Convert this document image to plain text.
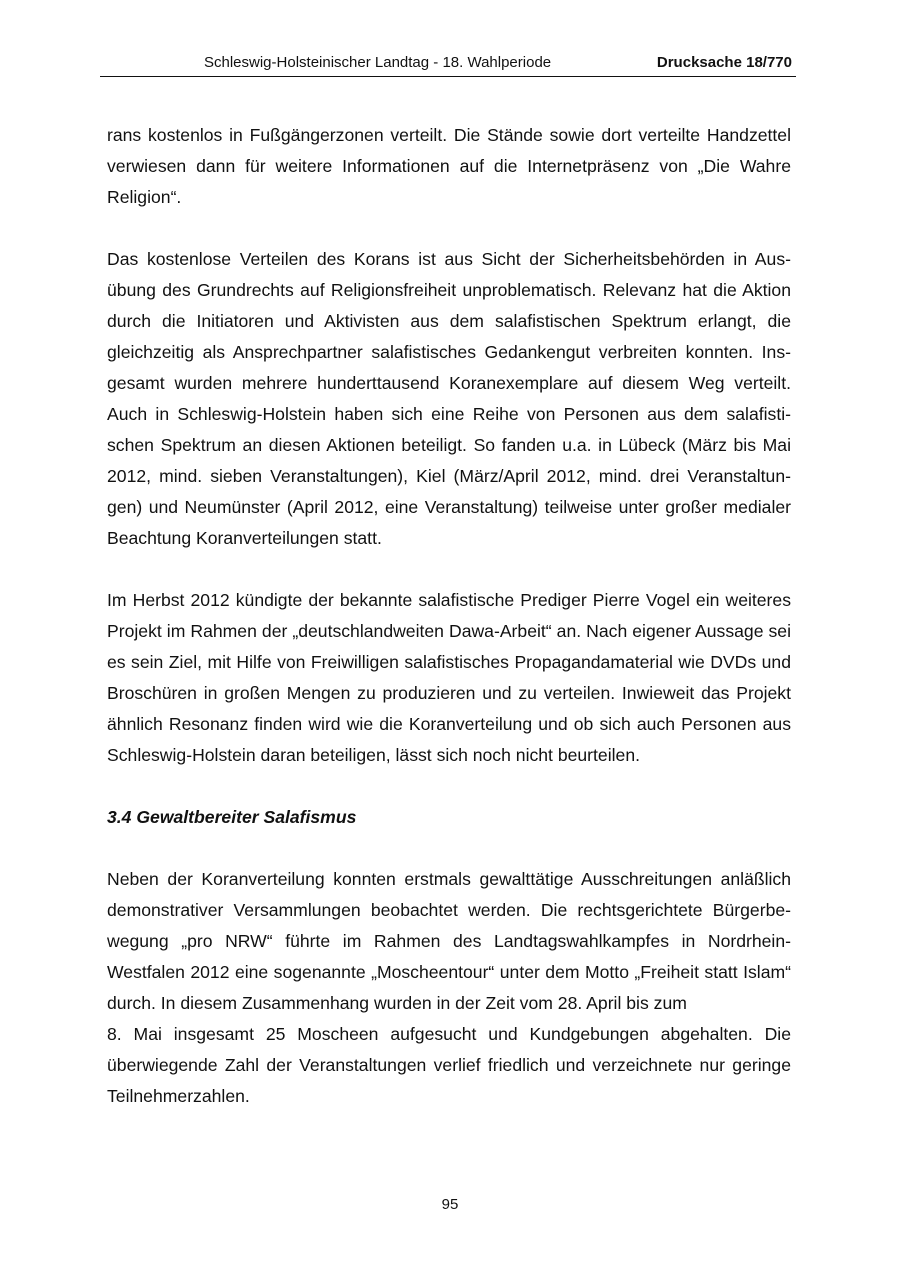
Schleswig-Holsteinischer Landtag - 18. Wahlperiode	Drucksache 18/770

rans kostenlos in Fußgängerzonen verteilt. Die Stände sowie dort verteilte Handzettel verwiesen dann für weitere Informationen auf die Internetpräsenz von „Die Wahre Religion“.

Das kostenlose Verteilen des Korans ist aus Sicht der Sicherheitsbehörden in Ausübung des Grundrechts auf Religionsfreiheit unproblematisch. Relevanz hat die Aktion durch die Initiatoren und Aktivisten aus dem salafistischen Spektrum erlangt, die gleichzeitig als Ansprechpartner salafistisches Gedankengut verbreiten konnten. Insgesamt wurden mehrere hunderttausend Koranexemplare auf diesem Weg verteilt. Auch in Schleswig-Holstein haben sich eine Reihe von Personen aus dem salafistischen Spektrum an diesen Aktionen beteiligt. So fanden u.a. in Lübeck (März bis Mai 2012, mind. sieben Veranstaltungen), Kiel (März/April 2012, mind. drei Veranstaltungen) und Neumünster (April 2012, eine Veranstaltung) teilweise unter großer medialer Beachtung Koranverteilungen statt.

Im Herbst 2012 kündigte der bekannte salafistische Prediger Pierre Vogel ein weiteres Projekt im Rahmen der „deutschlandweiten Dawa-Arbeit“ an. Nach eigener Aussage sei es sein Ziel, mit Hilfe von Freiwilligen salafistisches Propagandamaterial wie DVDs und Broschüren in großen Mengen zu produzieren und zu verteilen. Inwieweit das Projekt ähnlich Resonanz finden wird wie die Koranverteilung und ob sich auch Personen aus Schleswig-Holstein daran beteiligen, lässt sich noch nicht beurteilen.

3.4 Gewaltbereiter Salafismus

Neben der Koranverteilung konnten erstmals gewalttätige Ausschreitungen anläßlich demonstrativer Versammlungen beobachtet werden. Die rechtsgerichtete Bürgerbewegung „pro NRW“ führte im Rahmen des Landtagswahlkampfes in Nordrhein-Westfalen 2012 eine sogenannte „Moscheentour“ unter dem Motto „Freiheit statt Islam“ durch. In diesem Zusammenhang wurden in der Zeit vom 28. April bis zum

8. Mai insgesamt 25 Moscheen aufgesucht und Kundgebungen abgehalten. Die überwiegende Zahl der Veranstaltungen verlief friedlich und verzeichnete nur geringe Teilnehmerzahlen.

95
